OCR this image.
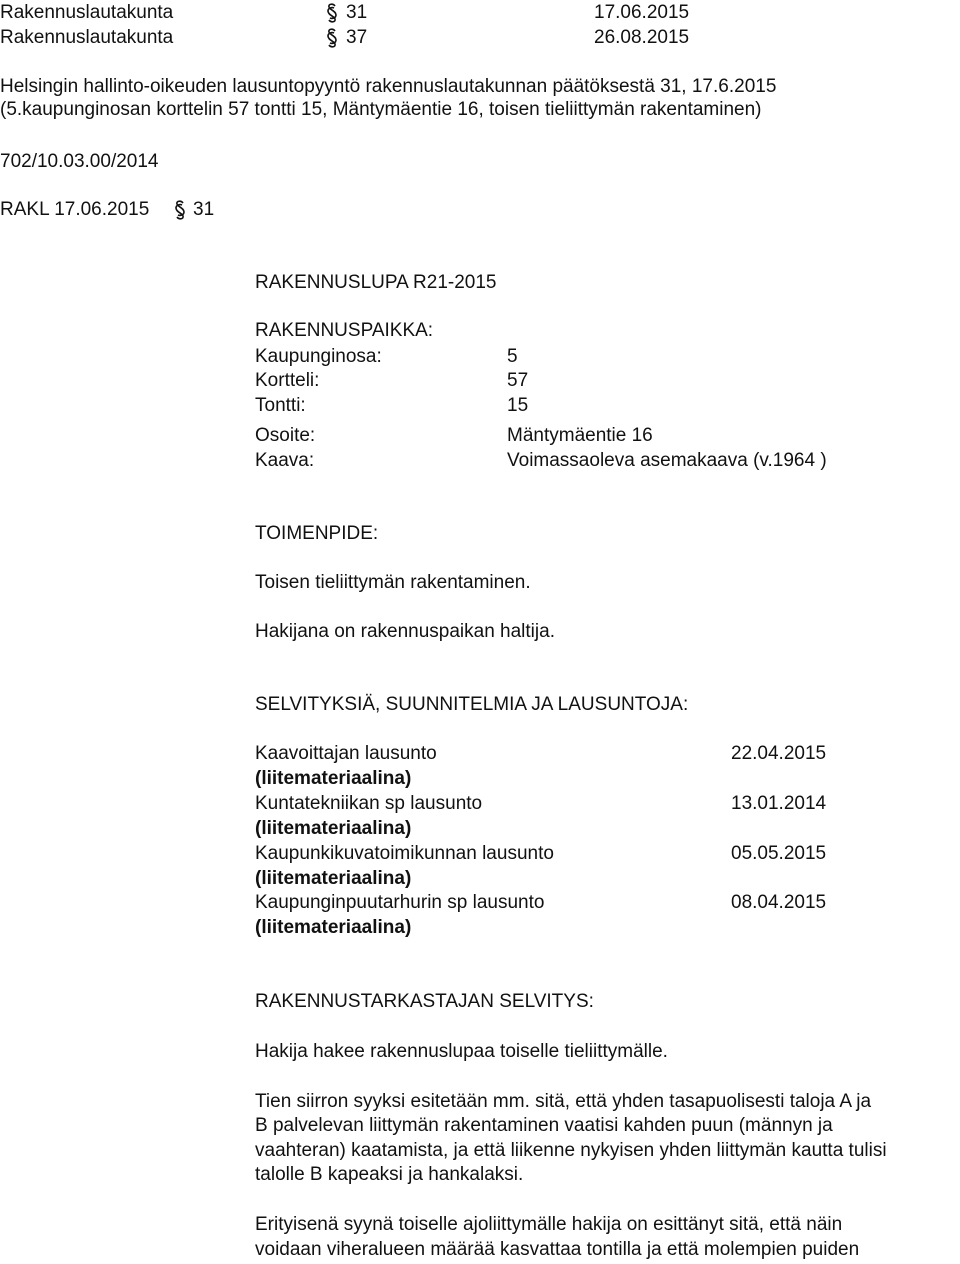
Rakennuslautakunta	31	17.06.2015
Rakennuslautakunta	37	26.08.2015
Helsingin hallinto-oikeuden lausuntopyyntö rakennuslautakunnan päätöksestä 31, 17.6.2015
(5.kaupunginosan korttelin 57 tontti 15, Mäntymäentie 16, toisen tieliittymän rakentaminen)
702/10.03.00/2014
RAKL 17.06.2015 31
RAKENNUSLUPA R21-2015
RAKENNUSPAIKKA:
Kaupunginosa:	5
Kortteli:	57
Tontti:	15
Osoite:	Mäntymäentie 16
Kaava:	Voimassaoleva asemakaava (v.1964 )
TOIMENPIDE:
Toisen tieliittymän rakentaminen.
Hakijana on rakennuspaikan haltija.
SELVITYKSIÄ, SUUNNITELMIA JA LAUSUNTOJA:
Kaavoittajan lausunto	22.04.2015
(liitemateriaalina)
Kuntatekniikan sp lausunto	13.01.2014
(liitemateriaalina)
Kaupunkikuvatoimikunnan lausunto	05.05.2015
(liitemateriaalina)
Kaupunginpuutarhurin sp lausunto	08.04.2015
(liitemateriaalina)
RAKENNUSTARKASTAJAN SELVITYS:
Hakija hakee rakennuslupaa toiselle tieliittymälle.
Tien siirron syyksi esitetään mm. sitä, että yhden tasapuolisesti taloja A ja
B palvelevan liittymän rakentaminen vaatisi kahden puun (männyn ja
vaahteran) kaatamista, ja että liikenne nykyisen yhden liittymän kautta tulisi
talolle B kapeaksi ja hankalaksi.
Erityisenä syynä toiselle ajoliittymälle hakija on esittänyt sitä, että näin
voidaan viheralueen määrää kasvattaa tontilla ja että molempien puiden
